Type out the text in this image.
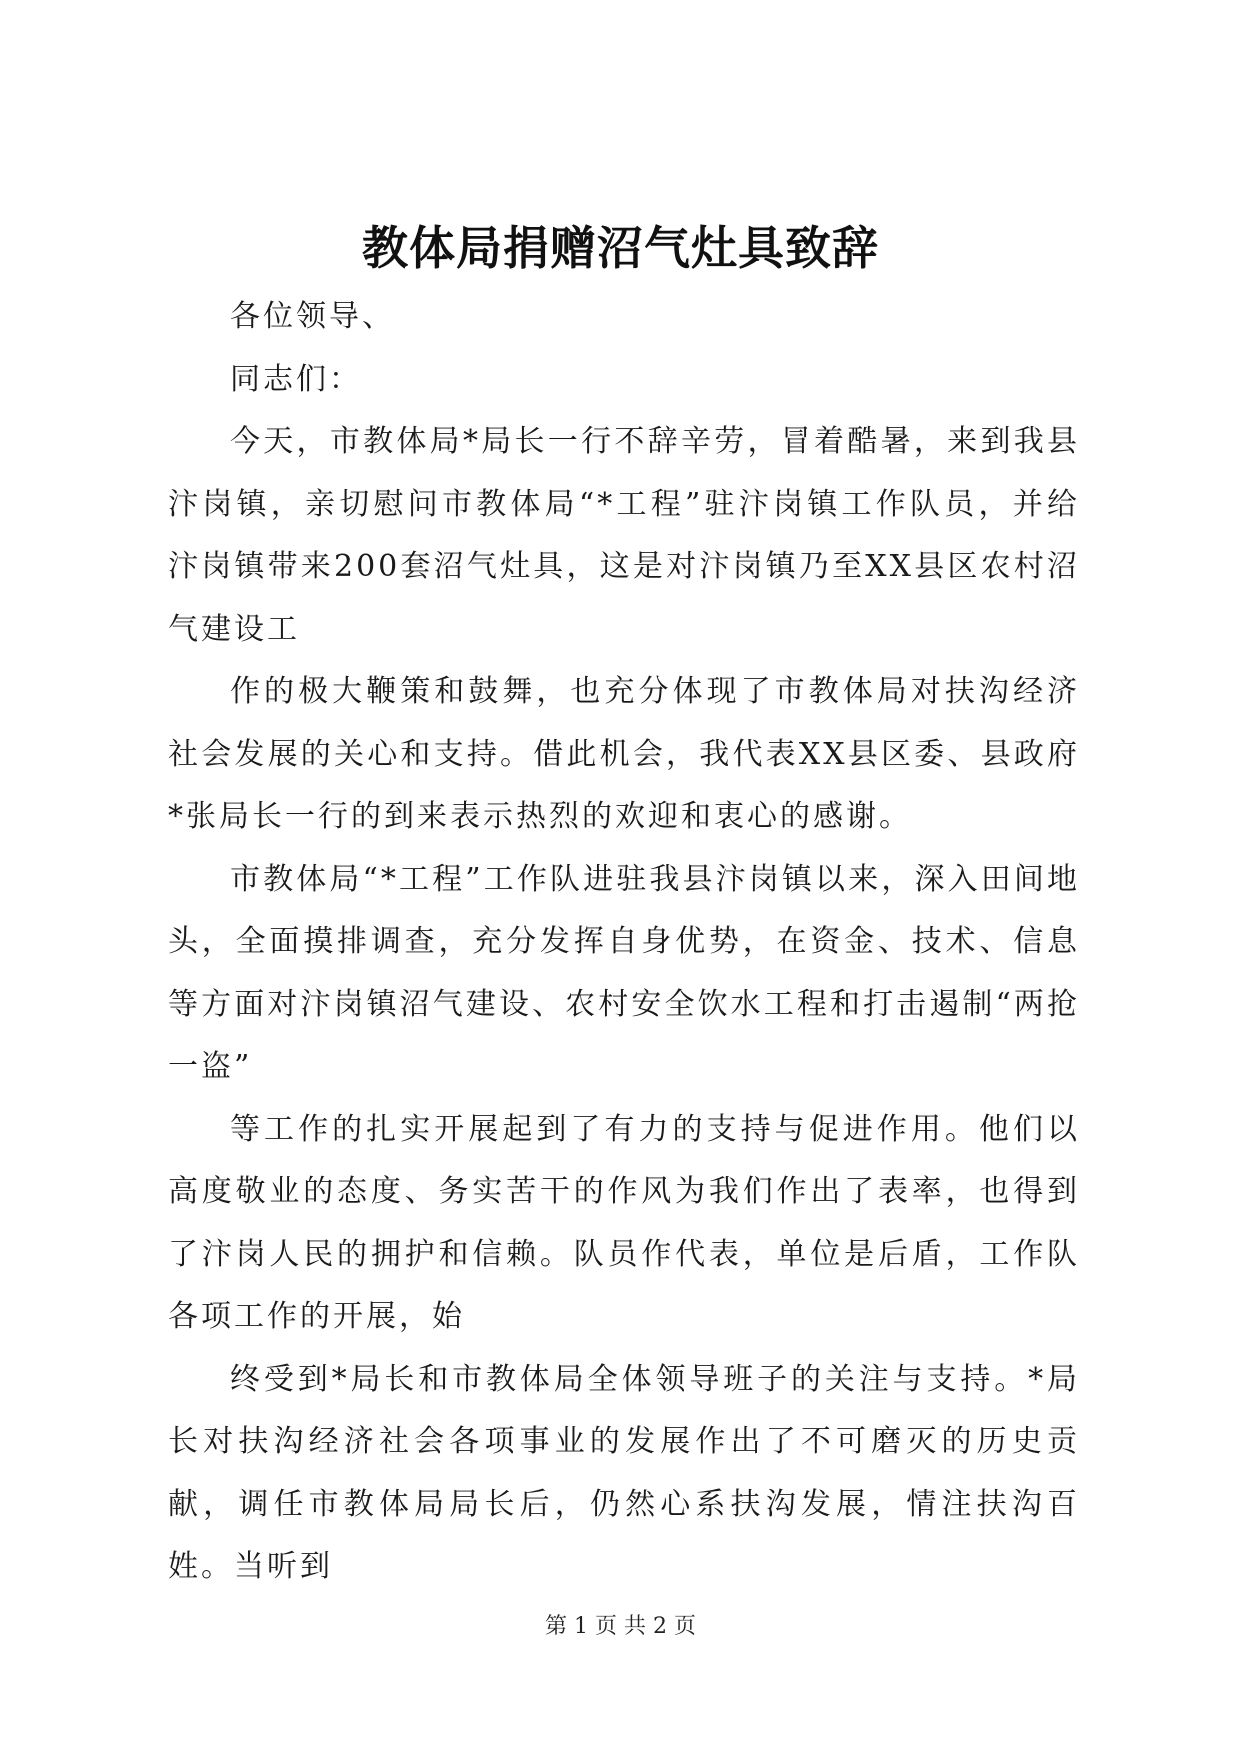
教体局捐赠沼气灶具致辞

各位领导、

同志们：

今天，市教体局*局长一行不辞辛劳，冒着酷暑，来到我县汴岗镇，亲切慰问市教体局“*工程”驻汴岗镇工作队员，并给汴岗镇带来200套沼气灶具，这是对汴岗镇乃至XX县区农村沼气建设工

作的极大鞭策和鼓舞，也充分体现了市教体局对扶沟经济社会发展的关心和支持。借此机会，我代表XX县区委、县政府*张局长一行的到来表示热烈的欢迎和衷心的感谢。

市教体局“*工程”工作队进驻我县汴岗镇以来，深入田间地头，全面摸排调查，充分发挥自身优势，在资金、技术、信息等方面对汴岗镇沼气建设、农村安全饮水工程和打击遏制“两抢一盗”

等工作的扎实开展起到了有力的支持与促进作用。他们以高度敬业的态度、务实苦干的作风为我们作出了表率，也得到了汴岗人民的拥护和信赖。队员作代表，单位是后盾，工作队各项工作的开展，始

终受到*局长和市教体局全体领导班子的关注与支持。*局长对扶沟经济社会各项事业的发展作出了不可磨灭的历史贡献，调任市教体局局长后，仍然心系扶沟发展，情注扶沟百姓。当听到

第 1 页 共 2 页
